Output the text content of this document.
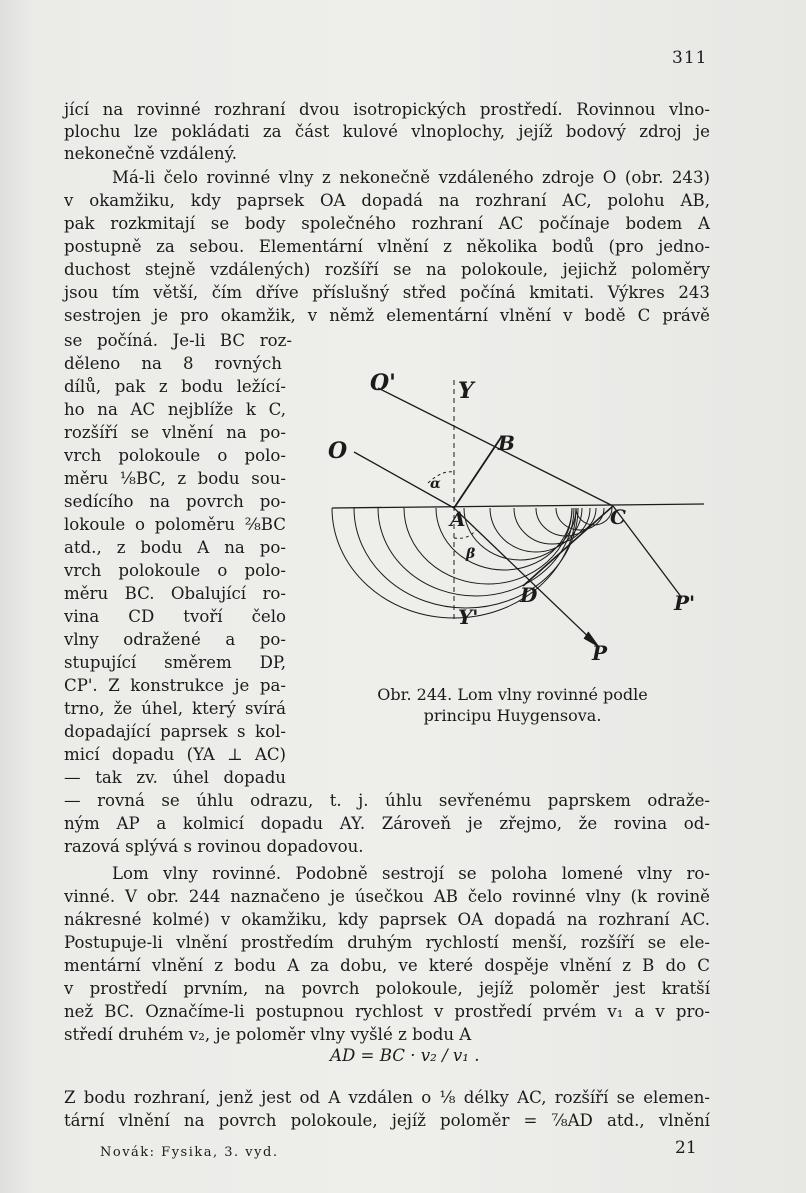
311
jící na rovinné rozhraní dvou isotropických prostředí. Rovinnou vlno-
plochu lze pokládati za část kulové vlnoplochy, jejíž bodový zdroj je
nekonečně vzdálený.
Má-li čelo rovinné vlny z nekonečně vzdáleného zdroje O (obr. 243)
v okamžiku, kdy paprsek OA dopadá na rozhraní AC, polohu AB,
pak rozkmitají se body společného rozhraní AC počínaje bodem A
postupně za sebou. Elementární vlnění z několika bodů (pro jedno-
duchost stejně vzdálených) rozšíří se na polokoule, jejichž poloměry
jsou tím větší, čím dříve příslušný střed počíná kmitati. Výkres 243
sestrojen je pro okamžik, v němž elementární vlnění v bodě C právě
se počíná. Je-li BC roz-
děleno na 8 rovných
dílů, pak z bodu ležící-
ho na AC nejblíže k C,
rozšíří se vlnění na po-
vrch polokoule o polo-
měru ⅛BC, z bodu sou-
sedícího na povrch po-
lokoule o poloměru ²⁄₈BC
atd., z bodu A na po-
vrch polokoule o polo-
měru BC. Obalující ro-
vina CD tvoří čelo
vlny odražené a po-
stupující směrem DP,
CP'. Z konstrukce je pa-
trno, že úhel, který svírá
dopadající paprsek s kol-
micí dopadu (YA ⊥ AC)
— tak zv. úhel dopadu
— rovná se úhlu odrazu, t. j. úhlu sevřenému paprskem odraže-
ným AP a kolmicí dopadu AY. Zároveň je zřejmo, že rovina od-
razová splývá s rovinou dopadovou.
Lom vlny rovinné. Podobně sestrojí se poloha lomené vlny ro-
vinné. V obr. 244 naznačeno je úsečkou AB čelo rovinné vlny (k rovině
nákresné kolmé) v okamžiku, kdy paprsek OA dopadá na rozhraní AC.
Postupuje-li vlnění prostředím druhým rychlostí menší, rozšíří se ele-
mentární vlnění z bodu A za dobu, ve které dospěje vlnění z B do C
v prostředí prvním, na povrch polokoule, jejíž poloměr jest kratší
než BC. Označíme-li postupnou rychlost v prostředí prvém v₁ a v pro-
středí druhém v₂, je poloměr vlny vyšlé z bodu A
AD = BC · v₂ / v₁ .
Z bodu rozhraní, jenž jest od A vzdálen o ⅛ délky AC, rozšíří se elemen-
tární vlnění na povrch polokoule, jejíž poloměr = ⁷⁄₈AD atd., vlnění
O'
O
Y
B
α
A	C
β
D
Y'
P'
P
Obr. 244. Lom vlny rovinné podle
principu Huygensova.
Novák: Fysika, 3. vyd.	21
